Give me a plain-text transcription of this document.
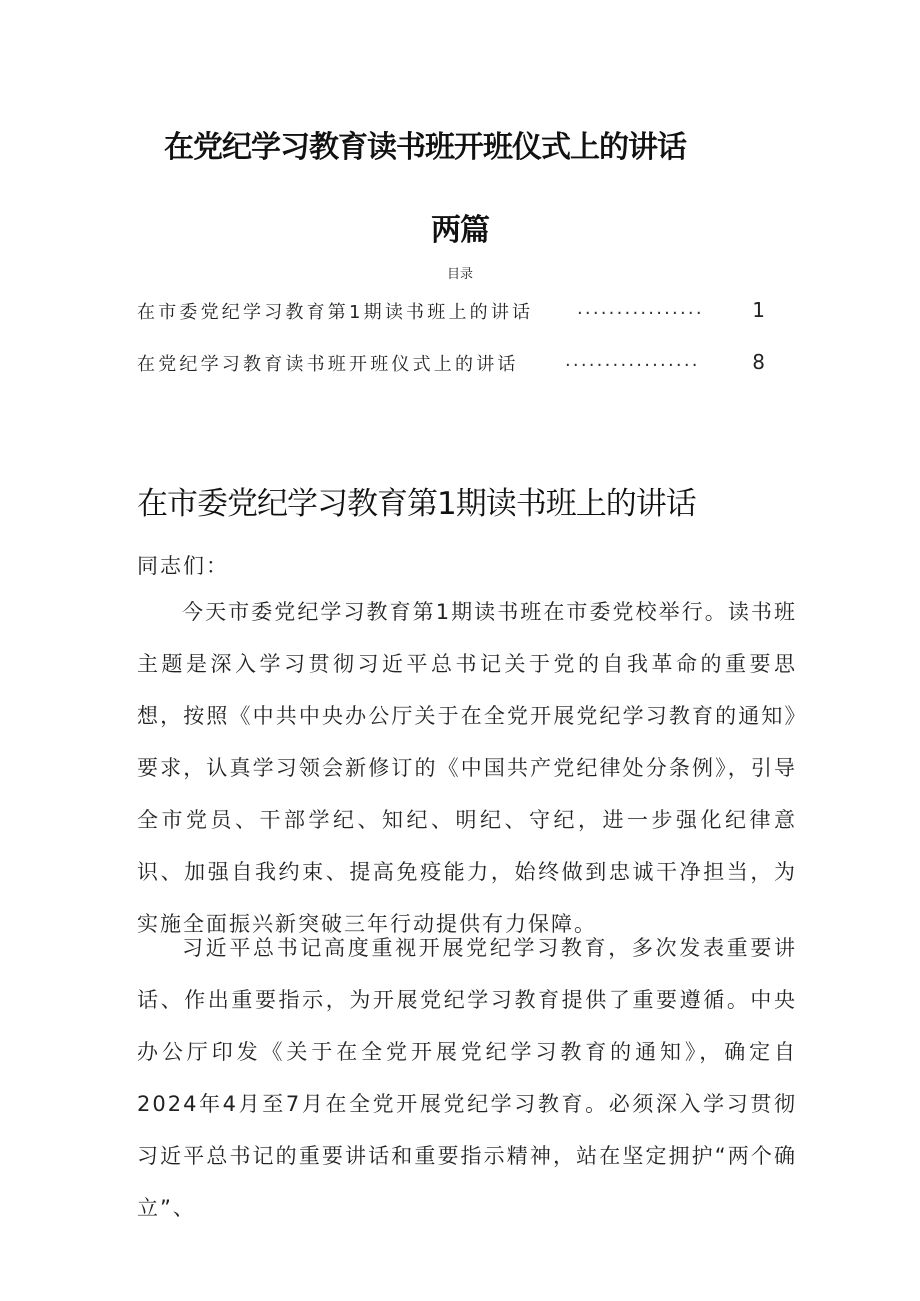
在党纪学习教育读书班开班仪式上的讲话
两篇
目录
在市委党纪学习教育第1期读书班上的讲话 ................ 1
在党纪学习教育读书班开班仪式上的讲话	.................	8
在市委党纪学习教育第1期读书班上的讲话
同志们：

今天市委党纪学习教育第1期读书班在市委党校举行。读书班主题是深入学习贯彻习近平总书记关于党的自我革命的重要思想，按照《中共中央办公厅关于在全党开展党纪学习教育的通知》要求，认真学习领会新修订的《中国共产党纪律处分条例》，引导全市党员、干部学纪、知纪、明纪、守纪，进一步强化纪律意识、加强自我约束、提高免疫能力，始终做到忠诚干净担当，为实施全面振兴新突破三年行动提供有力保障。

习近平总书记高度重视开展党纪学习教育，多次发表重要讲话、作出重要指示，为开展党纪学习教育提供了重要遵循。中央办公厅印发《关于在全党开展党纪学习教育的通知》，确定自2024年4月至7月在全党开展党纪学习教育。必须深入学习贯彻习近平总书记的重要讲话和重要指示精神，站在坚定拥护“两个确立”、
